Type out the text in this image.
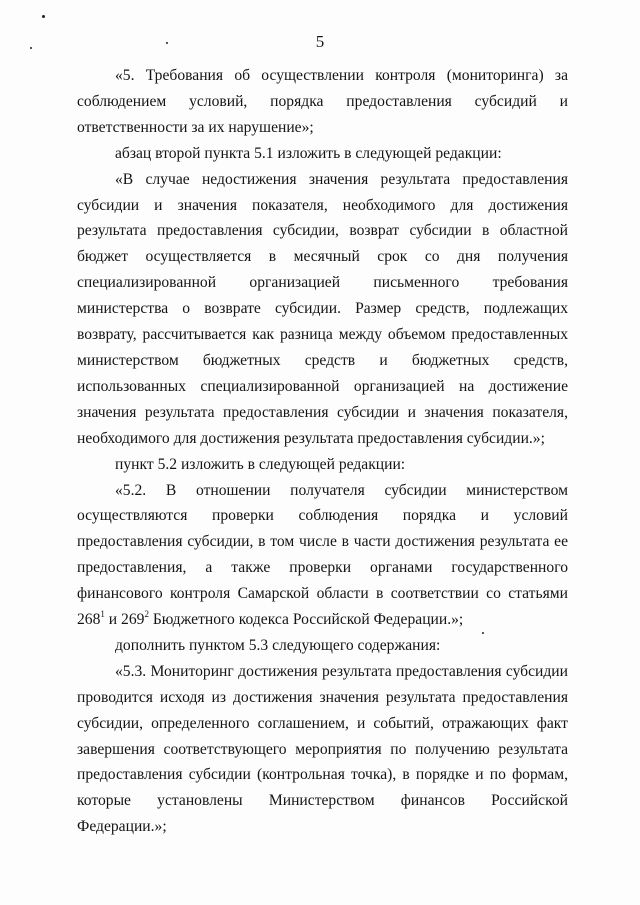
5

«5. Требования об осуществлении контроля (мониторинга) за соблюдением условий, порядка предоставления субсидий и ответственности за их нарушение»;

абзац второй пункта 5.1 изложить в следующей редакции:

«В случае недостижения значения результата предоставления субсидии и значения показателя, необходимого для достижения результата предоставления субсидии, возврат субсидии в областной бюджет осуществляется в месячный срок со дня получения специализированной организацией письменного требования министерства о возврате субсидии. Размер средств, подлежащих возврату, рассчитывается как разница между объемом предоставленных министерством бюджетных средств и бюджетных средств, использованных специализированной организацией на достижение значения результата предоставления субсидии и значения показателя, необходимого для достижения результата предоставления субсидии.»;

пункт 5.2 изложить в следующей редакции:

«5.2. В отношении получателя субсидии министерством осуществляются проверки соблюдения порядка и условий предоставления субсидии, в том числе в части достижения результата ее предоставления, а также проверки органами государственного финансового контроля Самарской области в соответствии со статьями $268^1$ и $269^2$ Бюджетного кодекса Российской Федерации.»;

дополнить пунктом 5.3 следующего содержания:

«5.3. Мониторинг достижения результата предоставления субсидии проводится исходя из достижения значения результата предоставления субсидии, определенного соглашением, и событий, отражающих факт завершения соответствующего мероприятия по получению результата предоставления субсидии (контрольная точка), в порядке и по формам, которые установлены Министерством финансов Российской Федерации.»;
